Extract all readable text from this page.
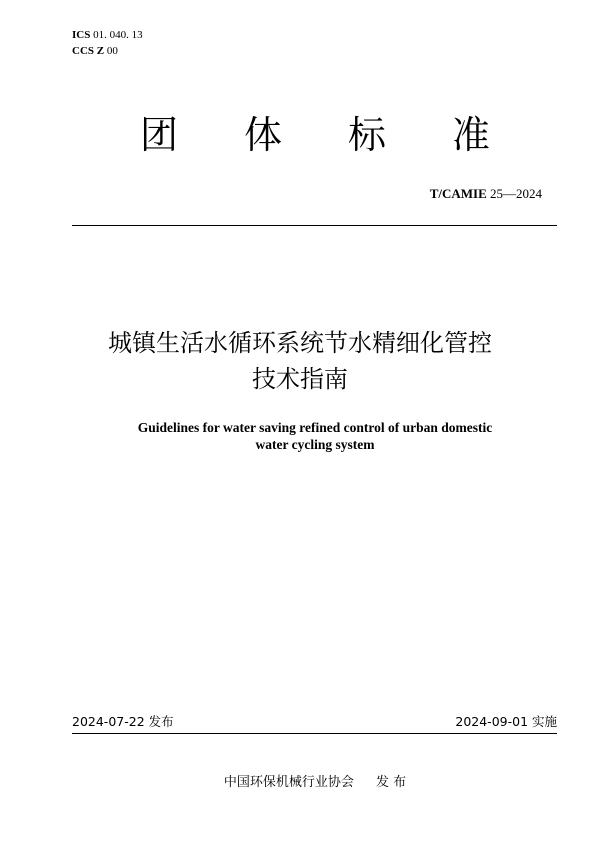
ICS 01. 040. 13
CCS Z 00
团 体 标 准
T/CAMIE 25—2024
城镇生活水循环系统节水精细化管控
技术指南
Guidelines for water saving refined control of urban domestic
water cycling system
2024-07-22 发布	2024-09-01 实施
中国环保机械行业协会 发 布
